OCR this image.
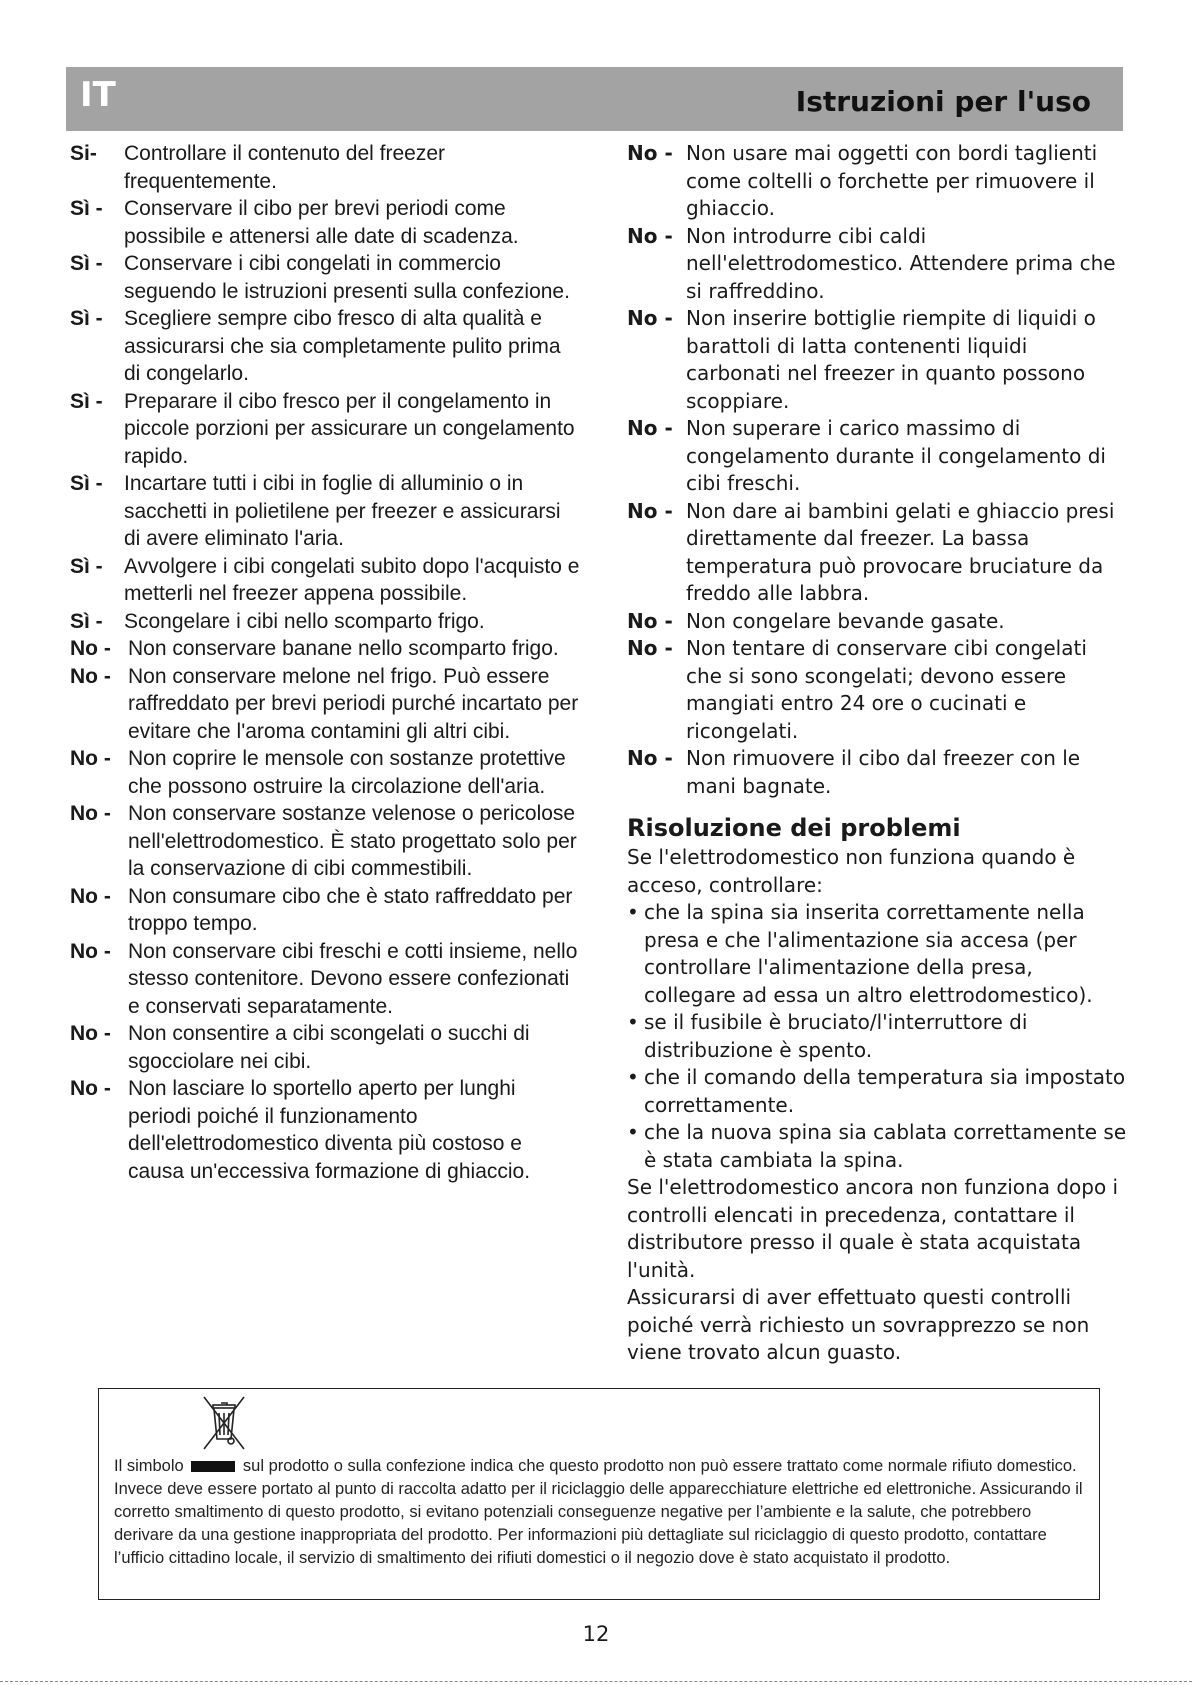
IT	Istruzioni per l'uso
Si-	Controllare il contenuto del freezer frequentemente.
Sì -	Conservare il cibo per brevi periodi come possibile e attenersi alle date di scadenza.
Sì -	Conservare i cibi congelati in commercio seguendo le istruzioni presenti sulla confezione.
Sì -	Scegliere sempre cibo fresco di alta qualità e assicurarsi che sia completamente pulito prima di congelarlo.
Sì -	Preparare il cibo fresco per il congelamento in piccole porzioni per assicurare un congelamento rapido.
Sì -	Incartare tutti i cibi in foglie di alluminio o in sacchetti in polietilene per freezer e assicurarsi di avere eliminato l'aria.
Sì -	Avvolgere i cibi congelati subito dopo l'acquisto e metterli nel freezer appena possibile.
Sì -	Scongelare i cibi nello scomparto frigo.
No - Non conservare banane nello scomparto frigo.
No - Non conservare melone nel frigo. Può essere raffreddato per brevi periodi purché incartato per evitare che l'aroma contamini gli altri cibi.
No - Non coprire le mensole con sostanze protettive che possono ostruire la circolazione dell'aria.
No - Non conservare sostanze velenose o pericolose nell'elettrodomestico. È stato progettato solo per la conservazione di cibi commestibili.
No - Non consumare cibo che è stato raffreddato per troppo tempo.
No - Non conservare cibi freschi e cotti insieme, nello stesso contenitore. Devono essere confezionati e conservati separatamente.
No - Non consentire a cibi scongelati o succhi di sgocciolare nei cibi.
No - Non lasciare lo sportello aperto per lunghi periodi poiché il funzionamento dell'elettrodomestico diventa più costoso e causa un'eccessiva formazione di ghiaccio.
No - Non usare mai oggetti con bordi taglienti come coltelli o forchette per rimuovere il ghiaccio.
No - Non introdurre cibi caldi nell'elettrodomestico. Attendere prima che si raffreddino.
No - Non inserire bottiglie riempite di liquidi o barattoli di latta contenenti liquidi carbonati nel freezer in quanto possono scoppiare.
No - Non superare i carico massimo di congelamento durante il congelamento di cibi freschi.
No - Non dare ai bambini gelati e ghiaccio presi direttamente dal freezer. La bassa temperatura può provocare bruciature da freddo alle labbra.
No - Non congelare bevande gasate.
No - Non tentare di conservare cibi congelati che si sono scongelati; devono essere mangiati entro 24 ore o cucinati e ricongelati.
No - Non rimuovere il cibo dal freezer con le mani bagnate.
Risoluzione dei problemi

Se l'elettrodomestico non funziona quando è acceso, controllare:

• che la spina sia inserita correttamente nella presa e che l'alimentazione sia accesa (per controllare l'alimentazione della presa, collegare ad essa un altro elettrodomestico).
• se il fusibile è bruciato/l'interruttore di distribuzione è spento.
• che il comando della temperatura sia impostato correttamente.
• che la nuova spina sia cablata correttamente se è stata cambiata la spina.

Se l'elettrodomestico ancora non funziona dopo i controlli elencati in precedenza, contattare il distributore presso il quale è stata acquistata l'unità.

Assicurarsi di aver effettuato questi controlli poiché verrà richiesto un sovrapprezzo se non viene trovato alcun guasto.

Il simbolo	sul prodotto o sulla confezione indica che questo prodotto non può essere trattato come normale rifiuto domestico. Invece deve essere portato al punto di raccolta adatto per il riciclaggio delle apparecchiature elettriche ed elettroniche. Assicurando il corretto smaltimento di questo prodotto, si evitano potenziali conseguenze negative per l’ambiente e la salute, che potrebbero derivare da una gestione inappropriata del prodotto. Per informazioni più dettagliate sul riciclaggio di questo prodotto, contattare l’ufficio cittadino locale, il servizio di smaltimento dei rifiuti domestici o il negozio dove è stato acquistato il prodotto.
12
